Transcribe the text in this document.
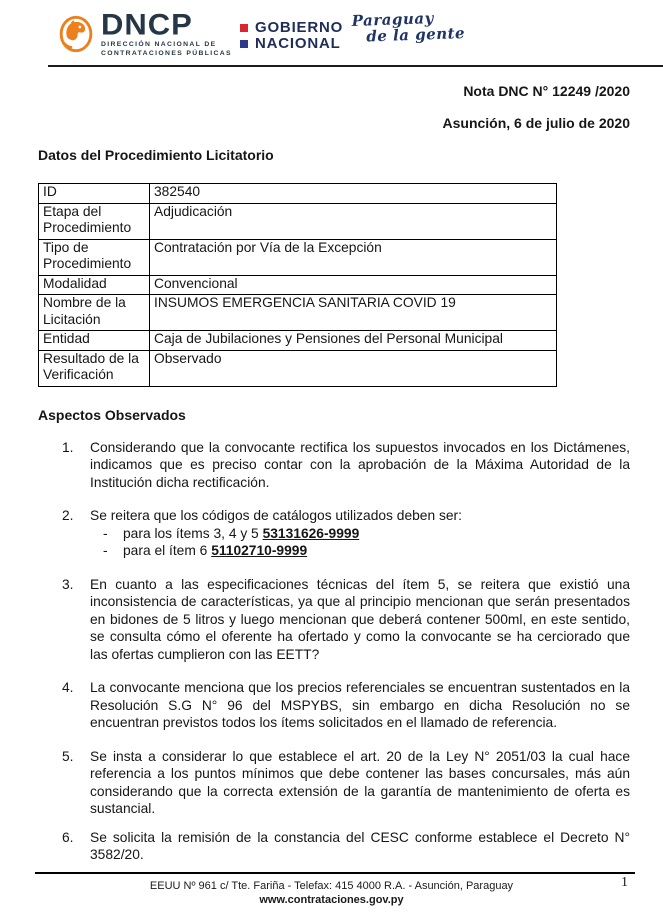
DNCP
DIRECCIÓN NACIONAL DE
CONTRATACIONES PÚBLICAS
GOBIERNO
NACIONAL
Paraguay
de la gente
Nota DNC N° 12249 /2020
Asunción, 6 de julio de 2020
Datos del Procedimiento Licitatorio
ID	382540
Etapa del Procedimiento	Adjudicación
Tipo de Procedimiento	Contratación por Vía de la Excepción
Modalidad	Convencional
Nombre de la Licitación	INSUMOS EMERGENCIA SANITARIA COVID 19
Entidad	Caja de Jubilaciones y Pensiones del Personal Municipal
Resultado de la Verificación	Observado
Aspectos Observados
1. Considerando que la convocante rectifica los supuestos invocados en los Dictámenes, indicamos que es preciso contar con la aprobación de la Máxima Autoridad de la Institución dicha rectificación.
2. Se reitera que los códigos de catálogos utilizados deben ser:
-	para los ítems 3, 4 y 5 53131626-9999
-	para el ítem 6 51102710-9999
3. En cuanto a las especificaciones técnicas del ítem 5, se reitera que existió una inconsistencia de características, ya que al principio mencionan que serán presentados en bidones de 5 litros y luego mencionan que deberá contener 500ml, en este sentido, se consulta cómo el oferente ha ofertado y como la convocante se ha cerciorado que las ofertas cumplieron con las EETT?
4. La convocante menciona que los precios referenciales se encuentran sustentados en la Resolución S.G N° 96 del MSPYBS, sin embargo en dicha Resolución no se encuentran previstos todos los ítems solicitados en el llamado de referencia.
5. Se insta a considerar lo que establece el art. 20 de la Ley N° 2051/03 la cual hace referencia a los puntos mínimos que debe contener las bases concursales, más aún considerando que la correcta extensión de la garantía de mantenimiento de oferta es sustancial.
6. Se solicita la remisión de la constancia del CESC conforme establece el Decreto N° 3582/20.
EEUU Nº 961 c/ Tte. Fariña - Telefax: 415 4000 R.A. - Asunción, Paraguay
www.contrataciones.gov.py
1
